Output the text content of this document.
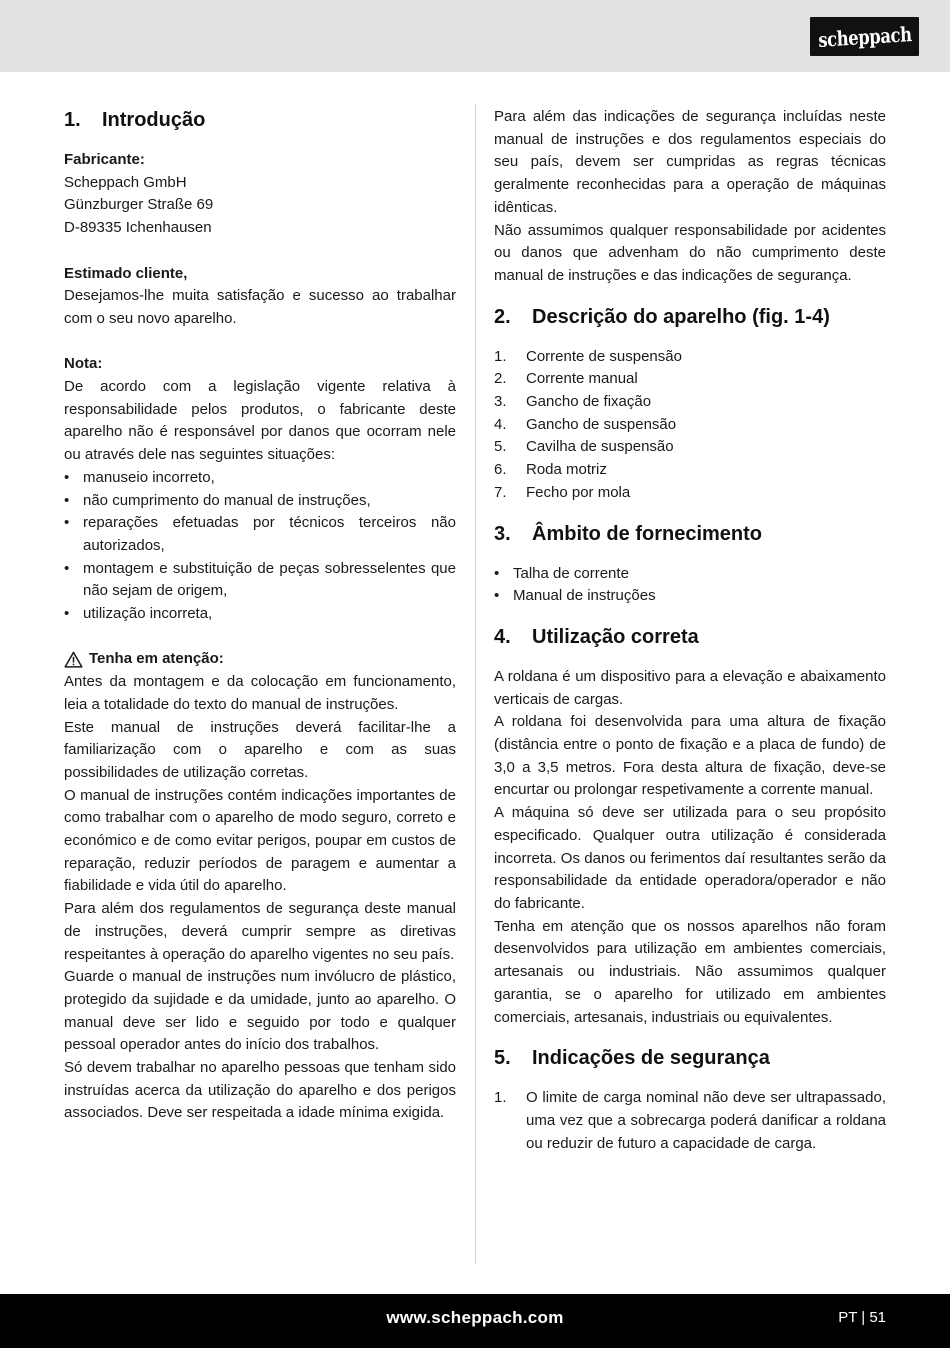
scheppach
1.	Introdução
Fabricante:
Scheppach GmbH
Günzburger Straße 69
D-89335 Ichenhausen
Estimado cliente,
Desejamos-lhe muita satisfação e sucesso ao trabalhar com o seu novo aparelho.
Nota:
De acordo com a legislação vigente relativa à responsabilidade pelos produtos, o fabricante deste aparelho não é responsável por danos que ocorram nele ou através dele nas seguintes situações:
• manuseio incorreto,
• não cumprimento do manual de instruções,
• reparações efetuadas por técnicos terceiros não autorizados,
• montagem e substituição de peças sobresselentes que não sejam de origem,
• utilização incorreta,
Tenha em atenção:
Antes da montagem e da colocação em funcionamento, leia a totalidade do texto do manual de instruções.
Este manual de instruções deverá facilitar-lhe a familiarização com o aparelho e com as suas possibilidades de utilização corretas.
O manual de instruções contém indicações importantes de como trabalhar com o aparelho de modo seguro, correto e económico e de como evitar perigos, poupar em custos de reparação, reduzir períodos de paragem e aumentar a fiabilidade e vida útil do aparelho.
Para além dos regulamentos de segurança deste manual de instruções, deverá cumprir sempre as diretivas respeitantes à operação do aparelho vigentes no seu país.
Guarde o manual de instruções num invólucro de plástico, protegido da sujidade e da umidade, junto ao aparelho. O manual deve ser lido e seguido por todo e qualquer pessoal operador antes do início dos trabalhos.
Só devem trabalhar no aparelho pessoas que tenham sido instruídas acerca da utilização do aparelho e dos perigos associados. Deve ser respeitada a idade mínima exigida.
Para além das indicações de segurança incluídas neste manual de instruções e dos regulamentos especiais do seu país, devem ser cumpridas as regras técnicas geralmente reconhecidas para a operação de máquinas idênticas.
Não assumimos qualquer responsabilidade por acidentes ou danos que advenham do não cumprimento deste manual de instruções e das indicações de segurança.
2.	Descrição do aparelho (fig. 1-4)
1. Corrente de suspensão
2. Corrente manual
3. Gancho de fixação
4. Gancho de suspensão
5. Cavilha de suspensão
6. Roda motriz
7. Fecho por mola
3.	Âmbito de fornecimento
• Talha de corrente
• Manual de instruções
4.	Utilização correta
A roldana é um dispositivo para a elevação e abaixamento verticais de cargas.
A roldana foi desenvolvida para uma altura de fixação (distância entre o ponto de fixação e a placa de fundo) de 3,0 a 3,5 metros. Fora desta altura de fixação, deve-se encurtar ou prolongar respetivamente a corrente manual.
A máquina só deve ser utilizada para o seu propósito especificado. Qualquer outra utilização é considerada incorreta. Os danos ou ferimentos daí resultantes serão da responsabilidade da entidade operadora/operador e não do fabricante.
Tenha em atenção que os nossos aparelhos não foram desenvolvidos para utilização em ambientes comerciais, artesanais ou industriais. Não assumimos qualquer garantia, se o aparelho for utilizado em ambientes comerciais, artesanais, industriais ou equivalentes.
5.	Indicações de segurança
1. O limite de carga nominal não deve ser ultrapassado, uma vez que a sobrecarga poderá danificar a roldana ou reduzir de futuro a capacidade de carga.
www.scheppach.com	PT | 51
